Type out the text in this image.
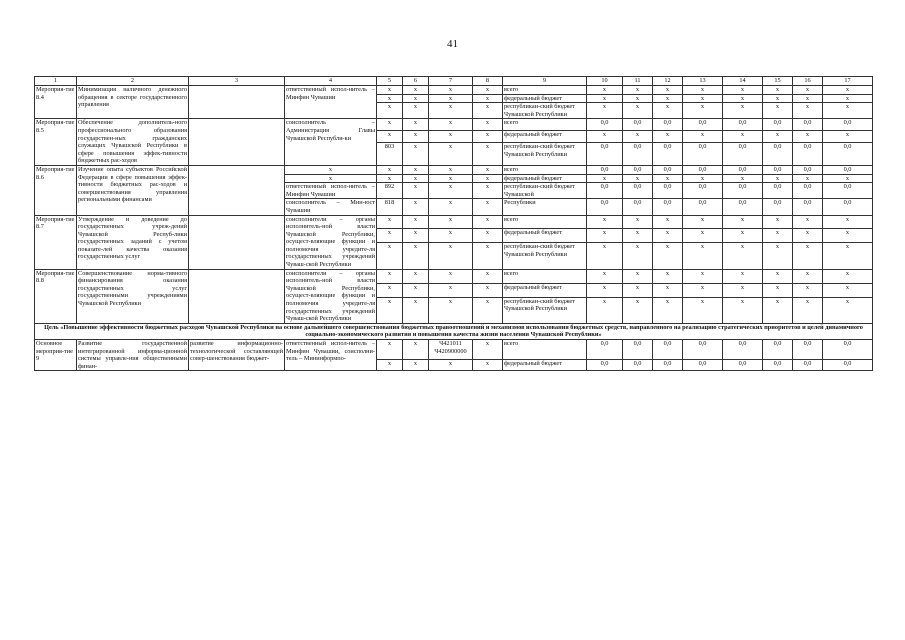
41
1	2	3	4	5	6	7	8	9	10	11	12	13	14	15	16	17
Мероприя-тие 8.4	Минимизация наличного денежного обращения в секторе государственного управления		ответственный испол-нитель – Минфин Чувашии	x	x	x	x	всего	x	x	x	x	x	x	x	x
				x	x	x	x	федеральный бюджет	x	x	x	x	x	x	x	x
				x	x	x	x	республикан-ский бюджет Чувашской Республики	x	x	x	x	x	x	x	x
Мероприя-тие 8.5	Обеспечение дополнитель-ного профессионального образования государствен-ных гражданских служащих Чувашской Республики в сфере повышения эффек-тивности бюджетных рас-ходов		соисполнитель – Администрация Главы Чувашской Республи-ки	x	x	x	x	всего	0,0	0,0	0,0	0,0	0,0	0,0	0,0	0,0
				x	x	x	x	федеральный бюджет	x	x	x	x	x	x	x	x
				803	x	x	x	республикан-ский бюджет Чувашской Республики	0,0	0,0	0,0	0,0	0,0	0,0	0,0	0,0
Мероприя-тие 8.6	Изучение опыта субъектов Российской Федерации в сфере повышения эффек-тивности бюджетных рас-ходов и совершенствования управления региональными финансами		x	x	x	x	x	всего	0,0	0,0	0,0	0,0	0,0	0,0	0,0	0,0
			x	x	x	x	x	федеральный бюджет	x	x	x	x	x	x	x	x
			ответственный испол-нитель – Минфин Чувашии	892	x	x	x	республикан-ский бюджет Чувашской	0,0	0,0	0,0	0,0	0,0	0,0	0,0	0,0
			соисполнитель – Мин-юст Чувашии	818	x	x	x	Республики	0,0	0,0	0,0	0,0	0,0	0,0	0,0	0,0
Мероприя-тие 8.7	Утверждение и доведение до государственных учреж-дений Чувашской Респуб-лики государственных заданий с учетом показате-лей качества оказания государственных услуг		соисполнители – органы исполнитель-ной власти Чувашской Республики, осущест-вляющие функции и полномочия учредите-ля государственных учреждений Чуваш-ской Республики	x	x	x	x	всего	x	x	x	x	x	x	x	x
				x	x	x	x	федеральный бюджет	x	x	x	x	x	x	x	x
				x	x	x	x	республикан-ский бюджет Чувашской Республики	x	x	x	x	x	x	x	x
Мероприя-тие 8.8	Совершенствование норма-тивного финансирования оказания государственных услуг государственными учреждениями Чувашской Республики		соисполнители – органы исполнитель-ной власти Чувашской Республики, осущест-вляющие функции и полномочия учредите-ля государственных учреждений Чуваш-ской Республики	x	x	x	x	всего	x	x	x	x	x	x	x	x
				x	x	x	x	федеральный бюджет	x	x	x	x	x	x	x	x
				x	x	x	x	республикан-ский бюджет Чувашской Республики	x	x	x	x	x	x	x	x
Цель «Повышение эффективности бюджетных расходов Чувашской Республики на основе дальнейшего совершенствования бюджетных правоотношений и механизмов использования бюджетных средств, направленного на реализацию стратегических приоритетов и целей динамичного социально-экономического развития и повышения качества жизни населения Чувашской Республики»																
Основное мероприя-тие 9	Развитие государственной интегрированной информа-ционной системы управле-ния общественными финан-	развитие информационно-технологической составляющей совер-шенствования бюджет-	ответственный испол-нитель – Минфин Чувашии, соисполни-тель – Мининформпо-	x	x	Ч421011 Ч420900000	x	всего	0,0	0,0	0,0	0,0	0,0	0,0	0,0	0,0
				x	x	x	x	федеральный бюджет	0,0	0,0	0,0	0,0	0,0	0,0	0,0	0,0
